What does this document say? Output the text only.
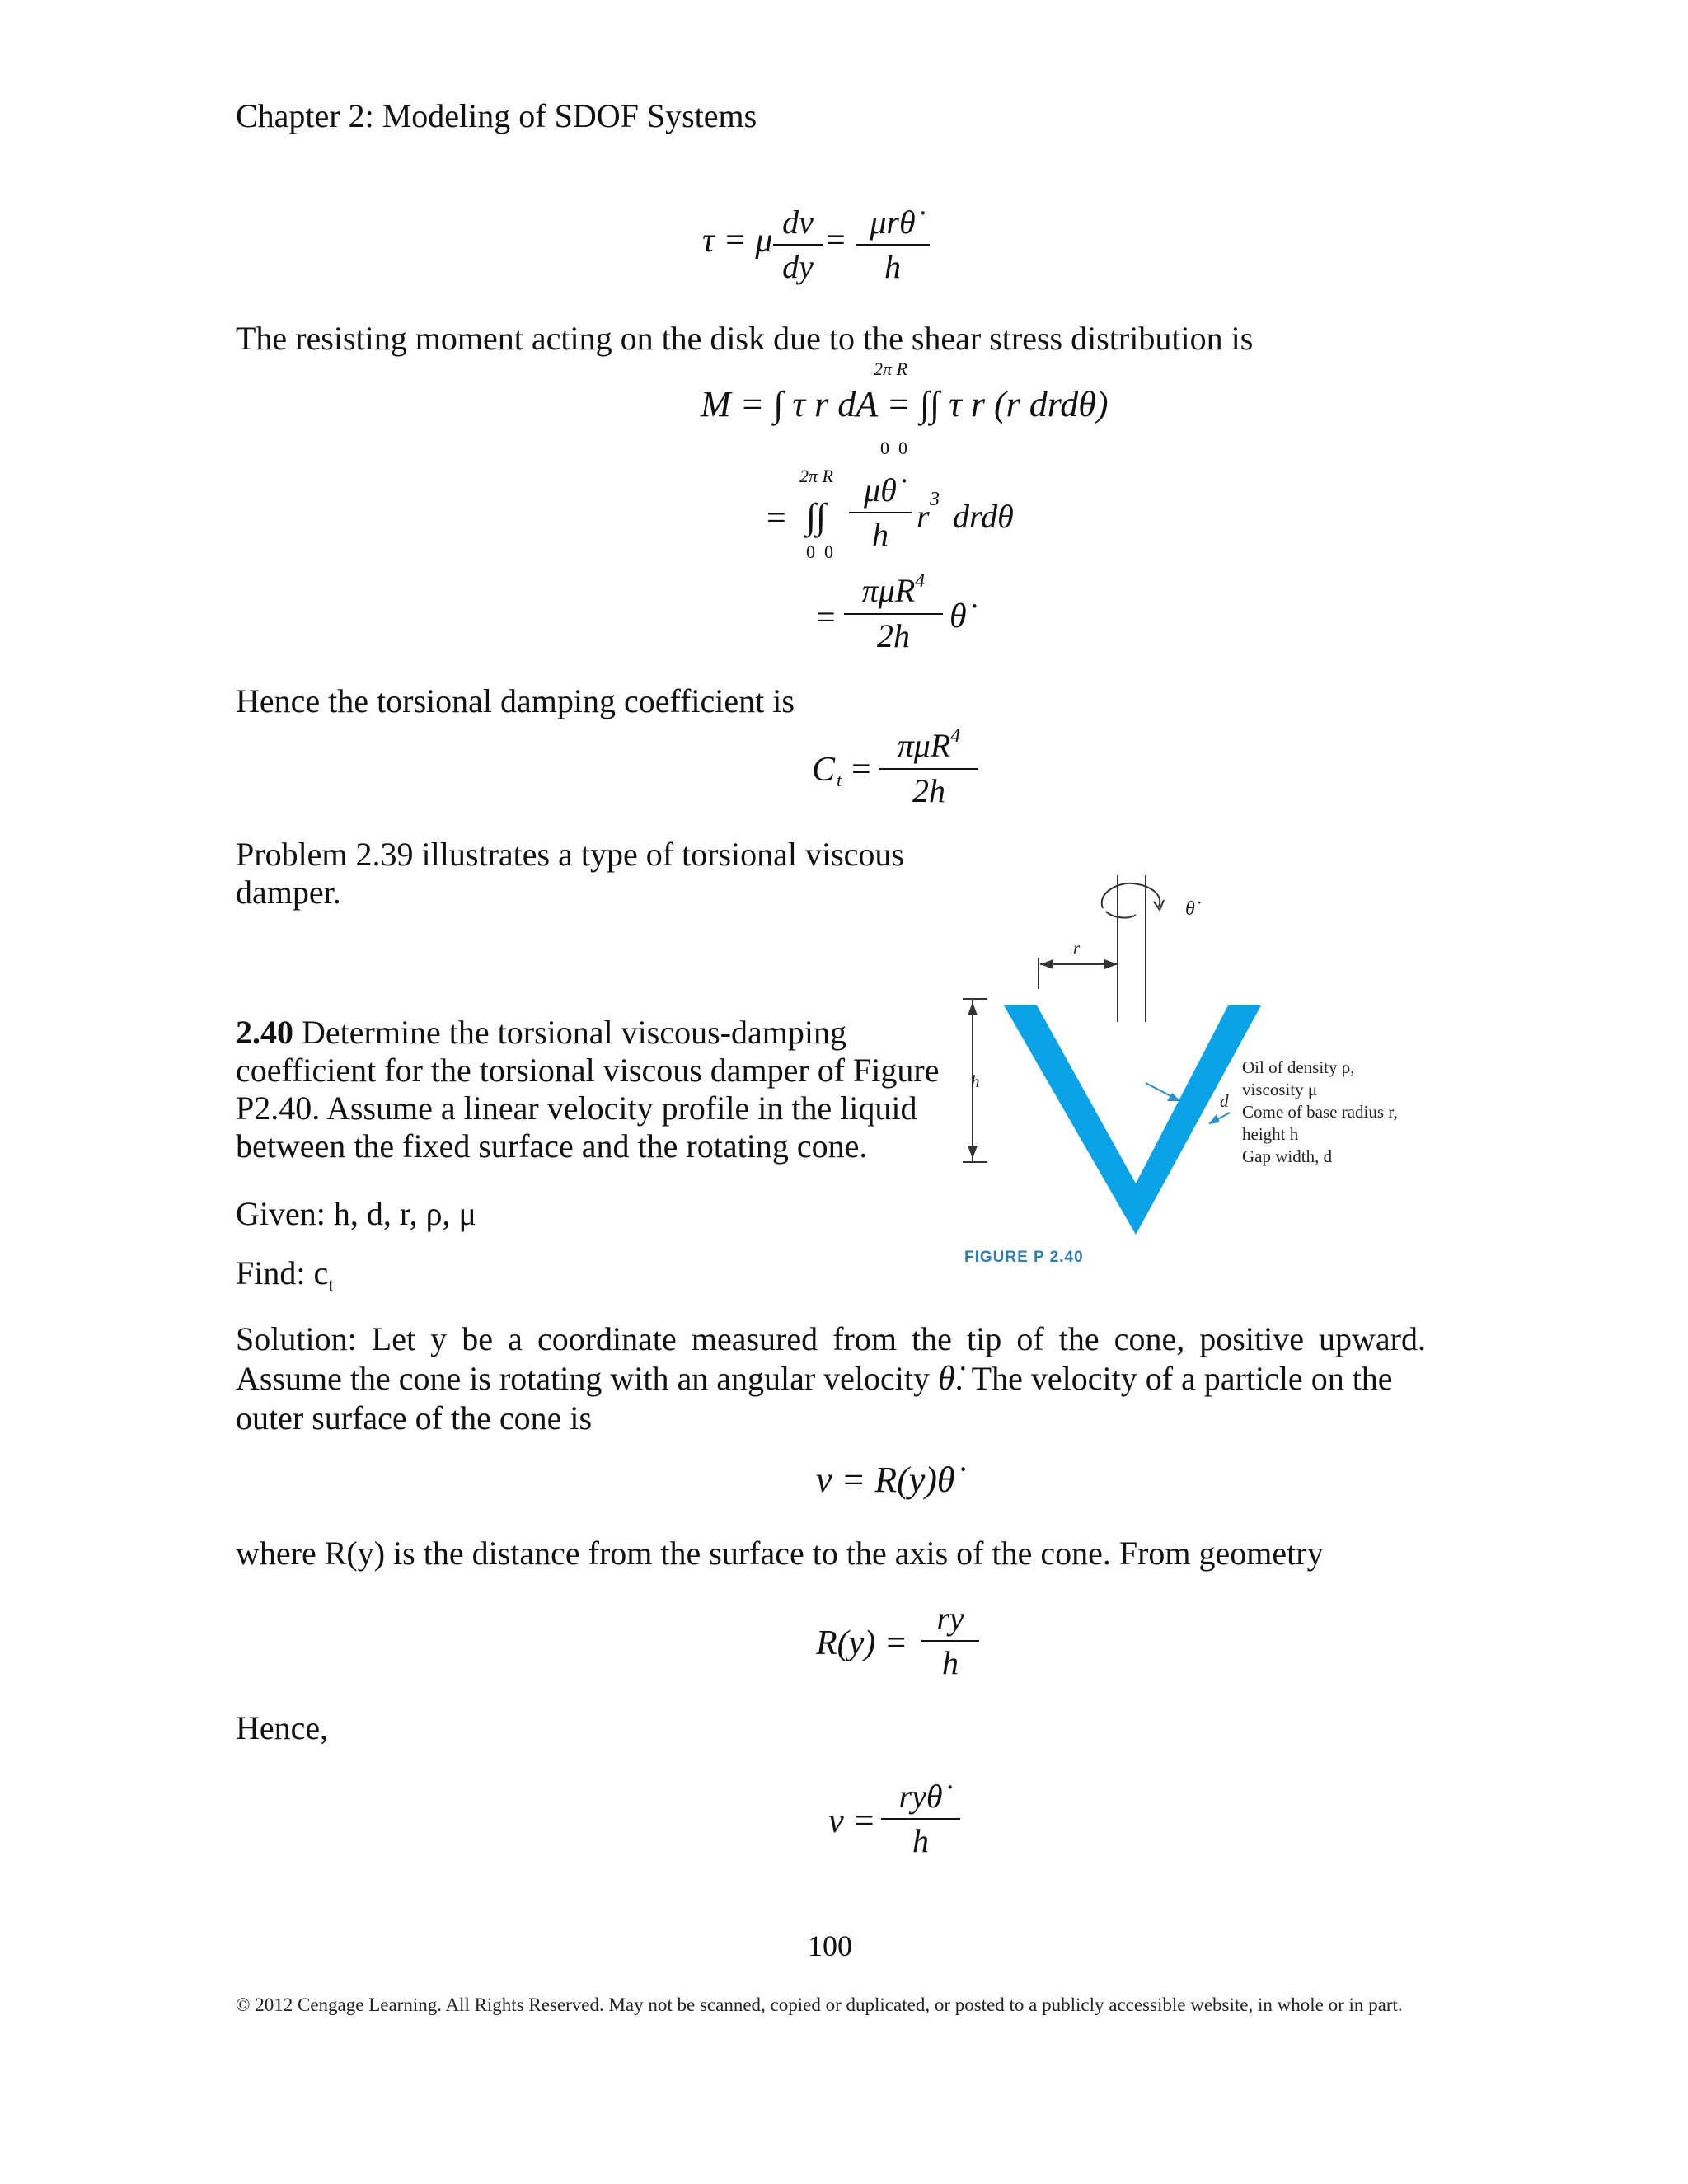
Chapter 2: Modeling of SDOF Systems
τ = μ dv
dy
= μrθ̇
h
The resisting moment acting on the disk due to the shear stress distribution is
M = ∫ τ r dA = ∫∫ τ r (r drdθ)
2π R
0  0
= ∫∫
2π R
0  0
μθ̇
h r 3 drdθ
=
πμR$^4$
2h
θ̇
Hence the torsional damping coefficient is
C t =
πμR$^4$
2h
Problem 2.39 illustrates a type of torsional viscous
damper.
2.40 Determine the torsional viscous-damping
coefficient for the torsional viscous damper of Figure
P2.40. Assume a linear velocity profile in the liquid
between the fixed surface and the rotating cone.
Given: h, d, r, ρ, μ
Find: $c_t$
h
r
θ̇
d
Oil of density ρ,
viscosity μ
Come of base radius r,
height h
Gap width, d
FIGURE P 2.40
Solution: Let y be a coordinate measured from the tip of the cone, positive upward.
Assume the cone is rotating with an angular velocity θ̇. The velocity of a particle on the
outer surface of the cone is
v = R(y)θ̇
where R(y) is the distance from the surface to the axis of the cone. From geometry
R(y) =
ry
h
Hence,
v =
ryθ̇
h
100
© 2012 Cengage Learning. All Rights Reserved. May not be scanned, copied or duplicated, or posted to a publicly accessible website, in whole or in part.
